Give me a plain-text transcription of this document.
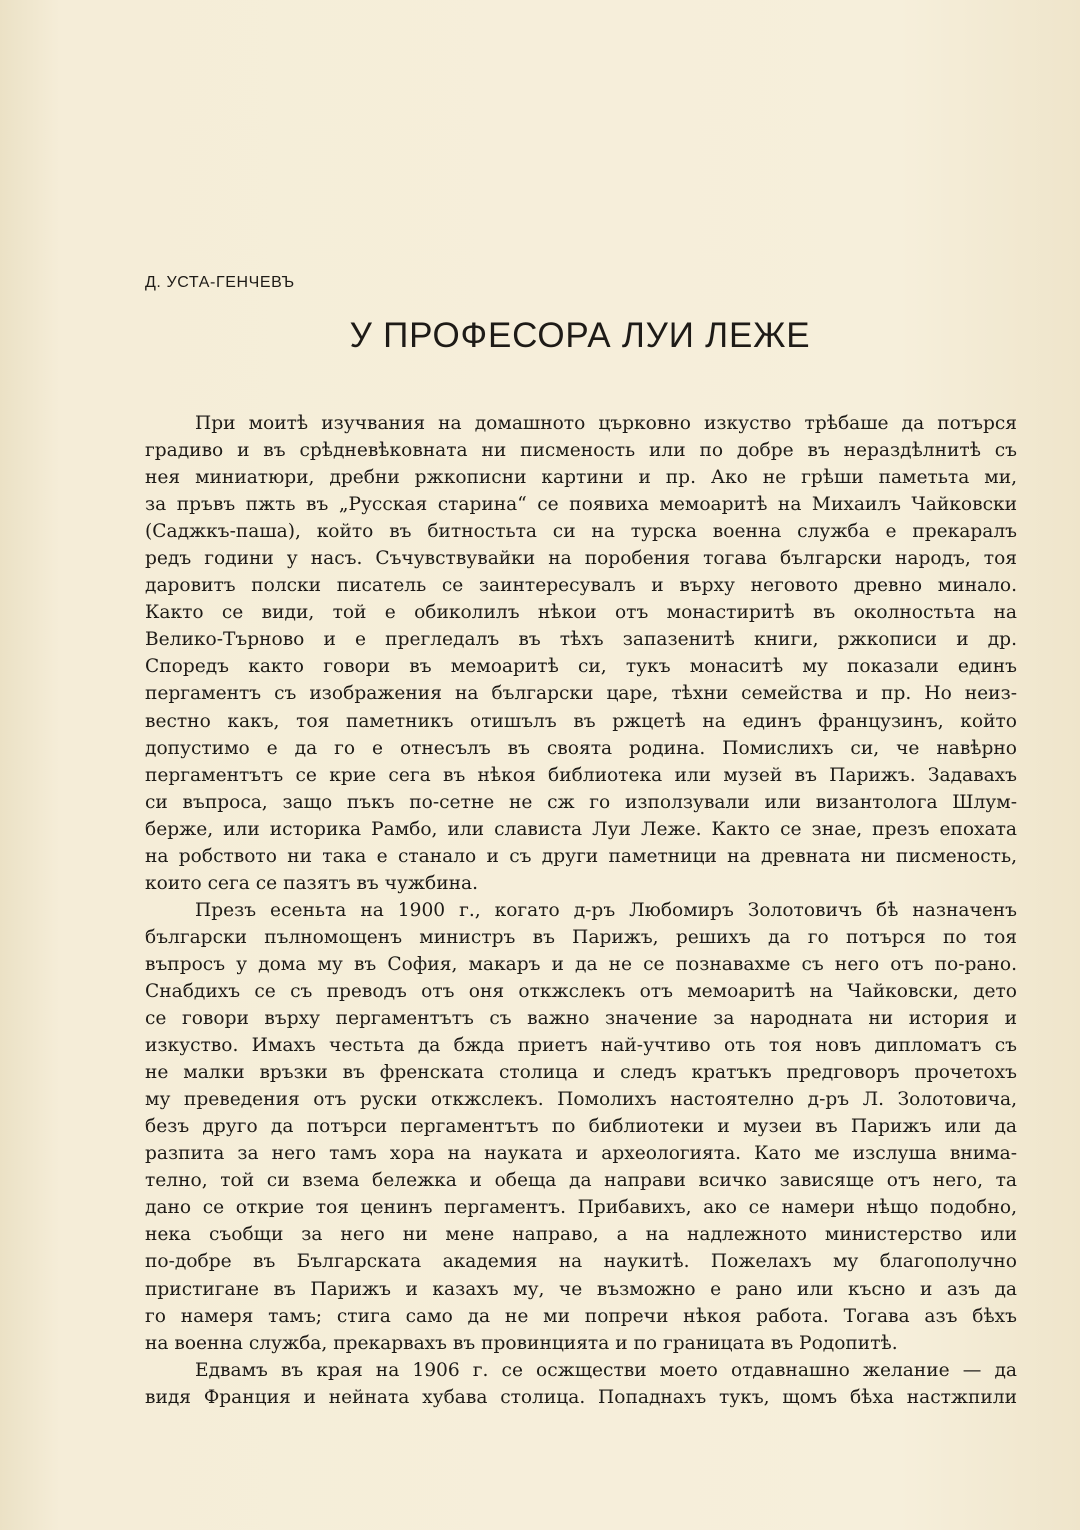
Д. УСТА-ГЕНЧЕВЪ
У ПРОФЕСОРА ЛУИ ЛЕЖЕ
При моитѣ изучвания на домашното църковно изкуство трѣбаше да потърся
градиво и въ срѣдневѣковната ни писменость или по добре въ нераздѣлнитѣ съ
нея миниатюри, дребни ржкописни картини и пр. Ако не грѣши паметьта ми,
за пръвъ пжть въ „Русская старина“ се появиха мемоаритѣ на Михаилъ Чайковски
(Саджкъ-паша), който въ битностьта си на турска военна служба е прекаралъ
редъ години у насъ. Съчувствувайки на поробения тогава български народъ, тоя
даровитъ полски писатель се заинтересувалъ и върху неговото древно минало.
Както се види, той е обиколилъ нѣкои отъ монастиритѣ въ околностьта на
Велико-Търново и е прегледалъ въ тѣхъ запазенитѣ книги, ржкописи и др.
Споредъ както говори въ мемоаритѣ си, тукъ монаситѣ му показали единъ
пергаментъ съ изображения на български царе, тѣхни семейства и пр. Но неиз-
вестно какъ, тоя паметникъ отишълъ въ ржцетѣ на единъ французинъ, който
допустимо е да го е отнесълъ въ своята родина. Помислихъ си, че навѣрно
пергаментътъ се крие сега въ нѣкоя библиотека или музей въ Парижъ. Задавахъ
си въпроса, защо пъкъ по-сетне не сж го използували или византолога Шлум-
берже, или историка Рамбо, или слависта Луи Леже. Както се знае, презъ епохата
на робството ни така е станало и съ други паметници на древната ни писменость,
които сега се пазятъ въ чужбина.
Презъ есеньта на 1900 г., когато д-ръ Любомиръ Золотовичъ бѣ назначенъ
български пълномощенъ министръ въ Парижъ, решихъ да го потърся по тоя
въпросъ у дома му въ София, макаръ и да не се познавахме съ него отъ по-рано.
Снабдихъ се съ преводъ отъ оня откжслекъ отъ мемоаритѣ на Чайковски, дето
се говори върху пергаментътъ съ важно значение за народната ни история и
изкуство. Имахъ честьта да бжда приетъ най-учтиво оть тоя новъ дипломатъ съ
не малки връзки въ френската столица и следъ кратъкъ предговоръ прочетохъ
му преведения отъ руски откжслекъ. Помолихъ настоятелно д-ръ Л. Золотовича,
безъ друго да потърси пергаментътъ по библиотеки и музеи въ Парижъ или да
разпита за него тамъ хора на науката и археологията. Като ме изслуша внима-
телно, той си взема бележка и обеща да направи всичко зависяще отъ него, та
дано се открие тоя ценинъ пергаментъ. Прибавихъ, ако се намери нѣщо подобно,
нека съобщи за него ни мене направо, а на надлежното министерство или
по-добре въ Българската академия на наукитѣ. Пожелахъ му благополучно
пристигане въ Парижъ и казахъ му, че възможно е рано или късно и азъ да
го намеря тамъ; стига само да не ми попречи нѣкоя работа. Тогава азъ бѣхъ
на военна служба, прекарвахъ въ провинцията и по границата въ Родопитѣ.
Едвамъ въ края на 1906 г. се осжществи моето отдавнашно желание — да
видя Франция и нейната хубава столица. Попаднахъ тукъ, щомъ бѣха настжпили
